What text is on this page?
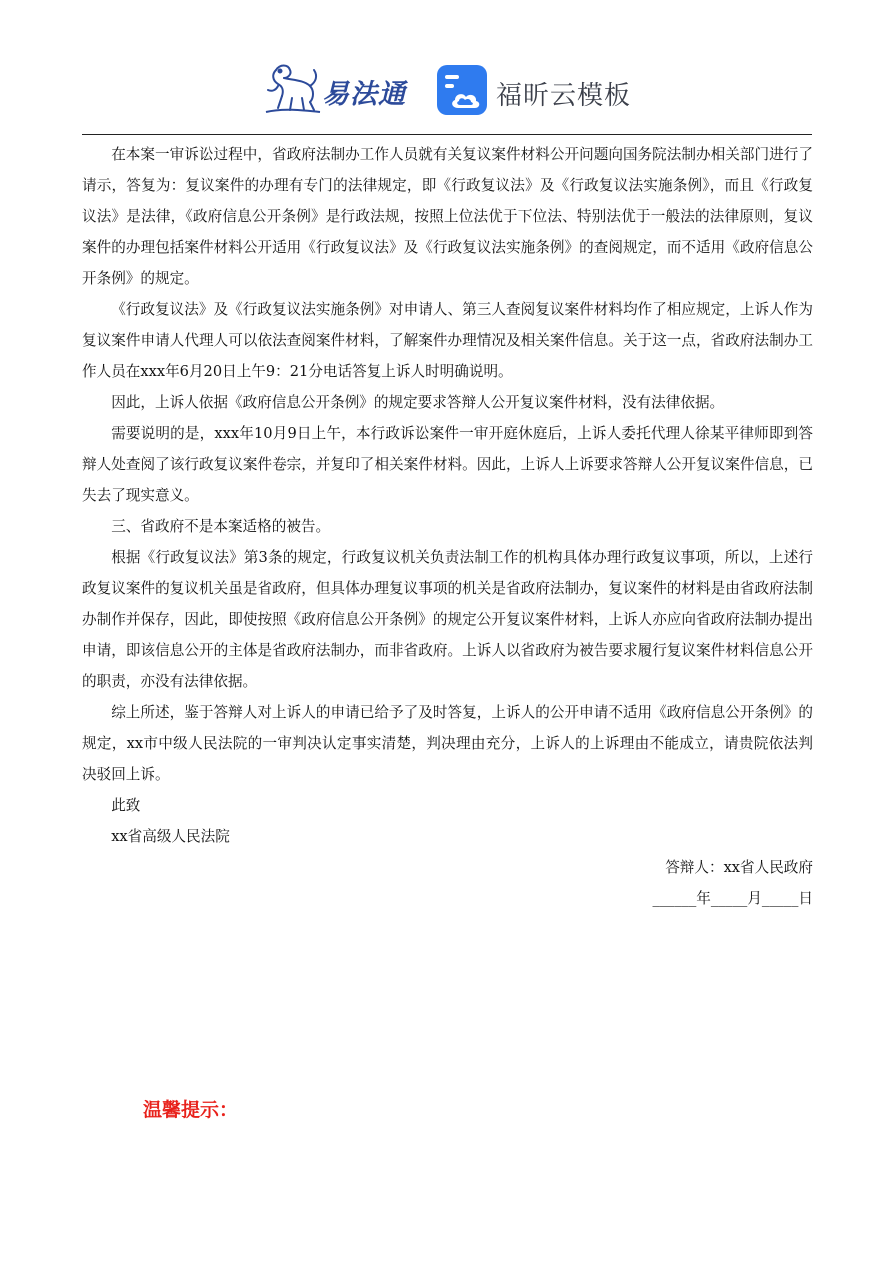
易法通	福昕云模板

在本案一审诉讼过程中，省政府法制办工作人员就有关复议案件材料公开问题向国务院法制办相关部门进行了请示，答复为：复议案件的办理有专门的法律规定，即《行政复议法》及《行政复议法实施条例》，而且《行政复议法》是法律，《政府信息公开条例》是行政法规，按照上位法优于下位法、特别法优于一般法的法律原则，复议案件的办理包括案件材料公开适用《行政复议法》及《行政复议法实施条例》的查阅规定，而不适用《政府信息公开条例》的规定。

《行政复议法》及《行政复议法实施条例》对申请人、第三人查阅复议案件材料均作了相应规定，上诉人作为复议案件申请人代理人可以依法查阅案件材料，了解案件办理情况及相关案件信息。关于这一点，省政府法制办工作人员在xxx年6月20日上午9：21分电话答复上诉人时明确说明。

因此，上诉人依据《政府信息公开条例》的规定要求答辩人公开复议案件材料，没有法律依据。

需要说明的是，xxx年10月9日上午，本行政诉讼案件一审开庭休庭后，上诉人委托代理人徐某平律师即到答辩人处查阅了该行政复议案件卷宗，并复印了相关案件材料。因此，上诉人上诉要求答辩人公开复议案件信息，已失去了现实意义。

三、省政府不是本案适格的被告。

根据《行政复议法》第3条的规定，行政复议机关负责法制工作的机构具体办理行政复议事项，所以，上述行政复议案件的复议机关虽是省政府，但具体办理复议事项的机关是省政府法制办，复议案件的材料是由省政府法制办制作并保存，因此，即使按照《政府信息公开条例》的规定公开复议案件材料，上诉人亦应向省政府法制办提出申请，即该信息公开的主体是省政府法制办，而非省政府。上诉人以省政府为被告要求履行复议案件材料信息公开的职责，亦没有法律依据。

综上所述，鉴于答辩人对上诉人的申请已给予了及时答复，上诉人的公开申请不适用《政府信息公开条例》的规定，xx市中级人民法院的一审判决认定事实清楚，判决理由充分，上诉人的上诉理由不能成立，请贵院依法判决驳回上诉。

此致

xx省高级人民法院

答辩人：xx省人民政府

______年_____月_____日

温馨提示：
